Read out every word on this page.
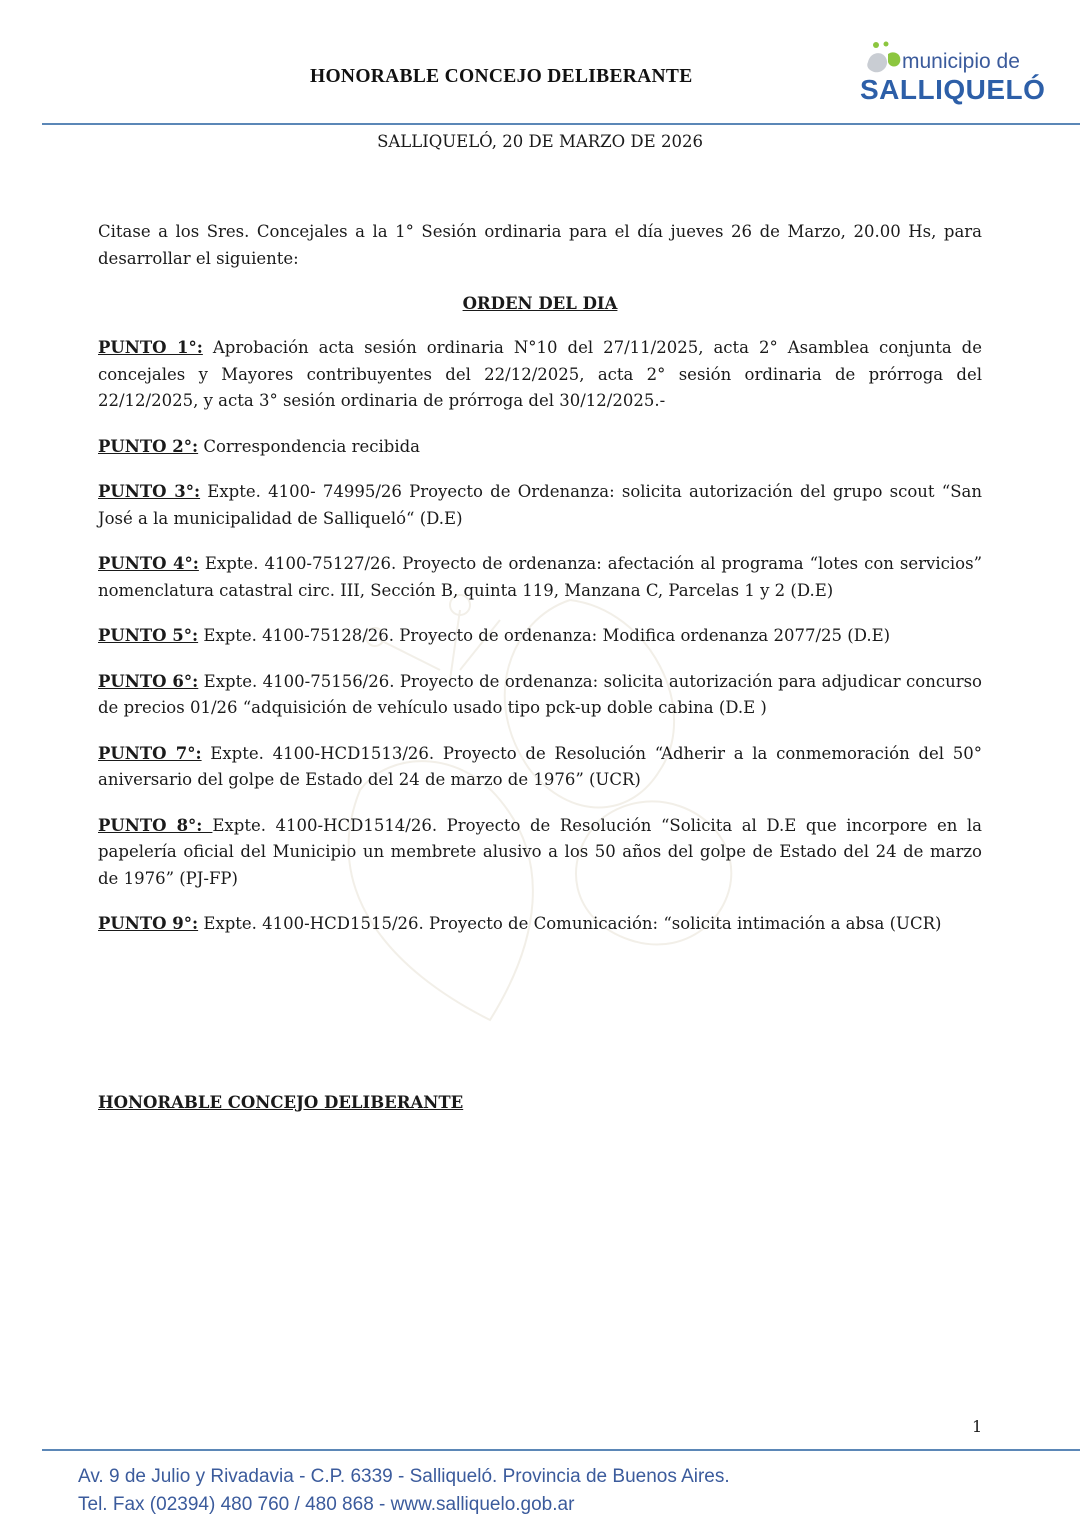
HONORABLE CONCEJO DELIBERANTE
municipio de
SALLIQUELÓ
SALLIQUELÓ, 20 DE MARZO DE 2026

Citase a los Sres. Concejales a la 1° Sesión ordinaria para el día jueves 26 de Marzo, 20.00 Hs, para desarrollar el siguiente:

ORDEN DEL DIA

PUNTO 1°: Aprobación acta sesión ordinaria N°10 del 27/11/2025, acta 2° Asamblea conjunta de concejales y Mayores contribuyentes del 22/12/2025, acta 2° sesión ordinaria de prórroga del 22/12/2025, y acta 3° sesión ordinaria de prórroga del 30/12/2025.-

PUNTO 2°: Correspondencia recibida

PUNTO 3°: Expte. 4100- 74995/26 Proyecto de Ordenanza: solicita autorización del grupo scout “San José a la municipalidad de Salliqueló“ (D.E)

PUNTO 4°: Expte. 4100-75127/26. Proyecto de ordenanza: afectación al programa “lotes con servicios” nomenclatura catastral circ. III, Sección B, quinta 119, Manzana C, Parcelas 1 y 2 (D.E)

PUNTO 5°: Expte. 4100-75128/26. Proyecto de ordenanza: Modifica ordenanza 2077/25 (D.E)

PUNTO 6°: Expte. 4100-75156/26. Proyecto de ordenanza: solicita autorización para adjudicar concurso de precios 01/26 “adquisición de vehículo usado tipo pck-up doble cabina (D.E )

PUNTO 7°: Expte. 4100-HCD1513/26. Proyecto de Resolución “Adherir a la conmemoración del 50° aniversario del golpe de Estado del 24 de marzo de 1976” (UCR)

PUNTO 8°: Expte. 4100-HCD1514/26. Proyecto de Resolución “Solicita al D.E que incorpore en la papelería oficial del Municipio un membrete alusivo a los 50 años del golpe de Estado del 24 de marzo de 1976” (PJ-FP)

PUNTO 9°: Expte. 4100-HCD1515/26. Proyecto de Comunicación: “solicita intimación a absa (UCR)

HONORABLE CONCEJO DELIBERANTE
1
Av. 9 de Julio y Rivadavia - C.P. 6339 - Salliqueló. Provincia de Buenos Aires.
Tel. Fax (02394) 480 760 / 480 868 - www.salliquelo.gob.ar
